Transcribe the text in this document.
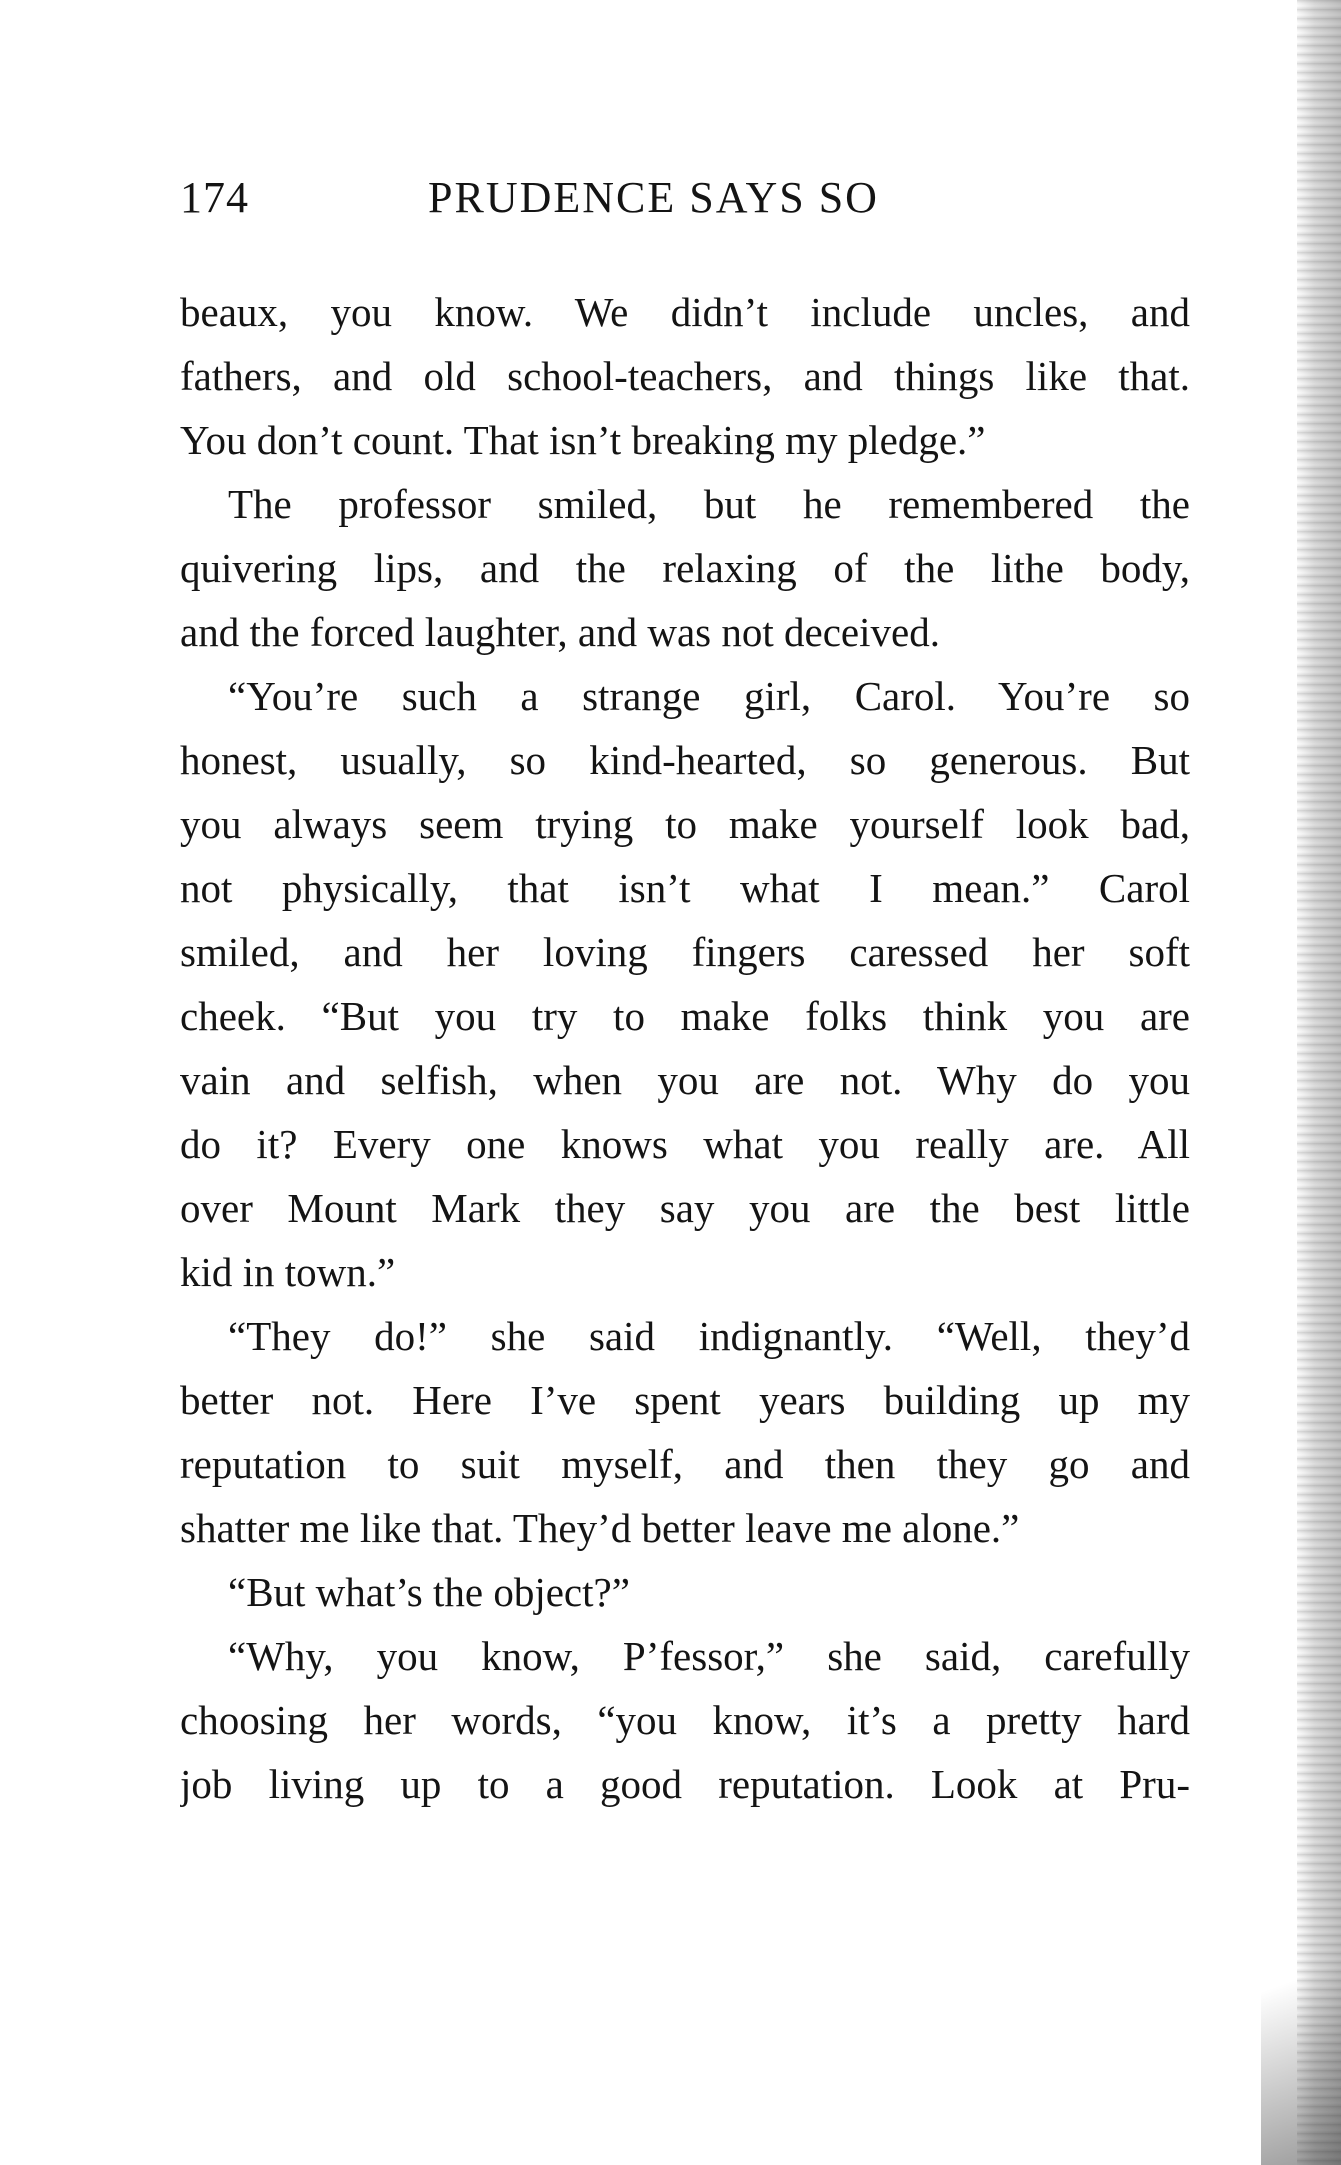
174	PRUDENCE SAYS SO
beaux, you know. We didn’t include uncles, and
fathers, and old school-teachers, and things like that.
You don’t count. That isn’t breaking my pledge.”
The professor smiled, but he remembered the
quivering lips, and the relaxing of the lithe body,
and the forced laughter, and was not deceived.
“You’re such a strange girl, Carol. You’re so
honest, usually, so kind-hearted, so generous. But
you always seem trying to make yourself look bad,
not physically, that isn’t what I mean.” Carol
smiled, and her loving fingers caressed her soft
cheek. “But you try to make folks think you are
vain and selfish, when you are not. Why do you
do it? Every one knows what you really are. All
over Mount Mark they say you are the best little
kid in town.”
“They do!” she said indignantly. “Well, they’d
better not. Here I’ve spent years building up my
reputation to suit myself, and then they go and
shatter me like that. They’d better leave me alone.”
“But what’s the object?”
“Why, you know, P’fessor,” she said, carefully
choosing her words, “you know, it’s a pretty hard
job living up to a good reputation. Look at Pru-
